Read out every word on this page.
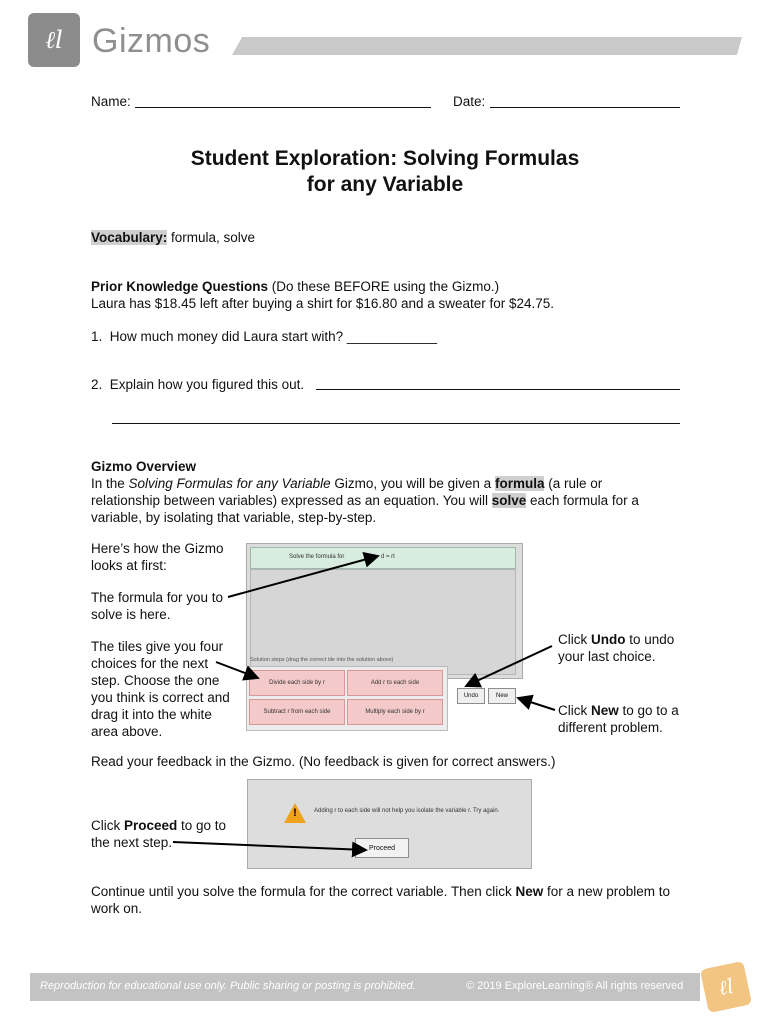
ℓl Gizmos
Name:	Date:
Student Exploration: Solving Formulas
for any Variable
Vocabulary: formula, solve
Prior Knowledge Questions (Do these BEFORE using the Gizmo.)
Laura has $18.45 left after buying a shirt for $16.80 and a sweater for $24.75.
1.  How much money did Laura start with? ____________
2.  Explain how you figured this out.
Gizmo Overview
In the Solving Formulas for any Variable Gizmo, you will be given a formula (a rule or relationship between variables) expressed as an equation. You will solve each formula for a variable, by isolating that variable, step-by-step.
Here’s how the Gizmo looks at first:
The formula for you to solve is here.
The tiles give you four choices for the next step. Choose the one you think is correct and drag it into the white area above.
Click Undo to undo your last choice.
Click New to go to a different problem.
Solve the formula for	d = rt
Solution steps (drag the correct tile into the solution above)
Divide each side by r	Add r to each side
Subtract r from each side	Multiply each side by r
Undo	New
Read your feedback in the Gizmo. (No feedback is given for correct answers.)
!	Adding r to each side will not help you isolate the variable r. Try again.
Proceed
Click Proceed to go to the next step.
Continue until you solve the formula for the correct variable. Then click New for a new problem to work on.
Reproduction for educational use only. Public sharing or posting is prohibited.	© 2019 ExploreLearning® All rights reserved ℓl
